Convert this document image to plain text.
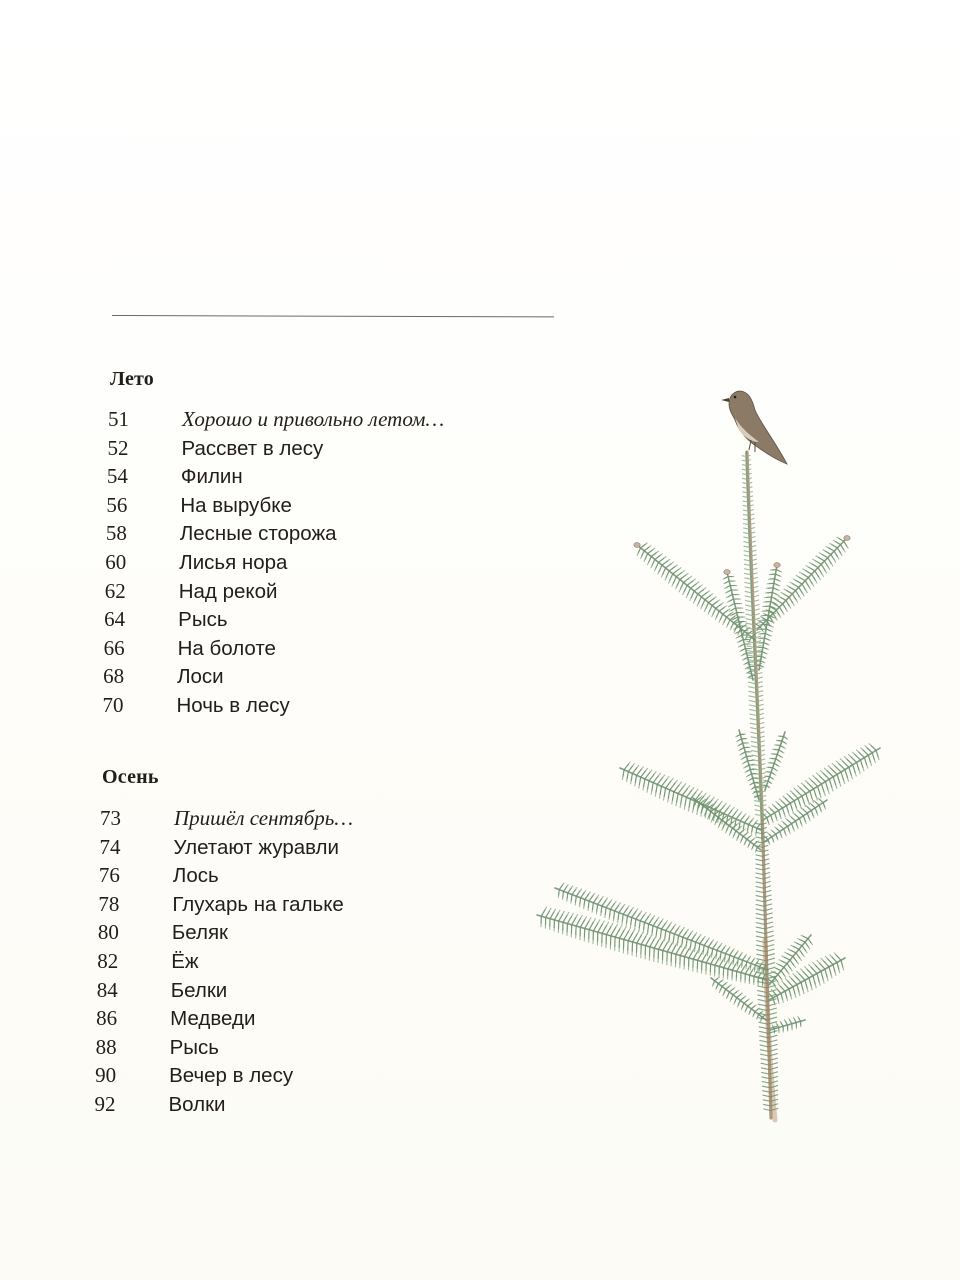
Лето
51	Хорошо и привольно летом…
52	Рассвет в лесу
54	Филин
56	На вырубке
58	Лесные сторожа
60	Лисья нора
62	Над рекой
64	Рысь
66	На болоте
68	Лоси
70	Ночь в лесу
Осень
73	Пришёл сентябрь…
74	Улетают журавли
76	Лось
78	Глухарь на гальке
80	Беляк
82	Ёж
84	Белки
86	Медведи
88	Рысь
90	Вечер в лесу
92	Волки
